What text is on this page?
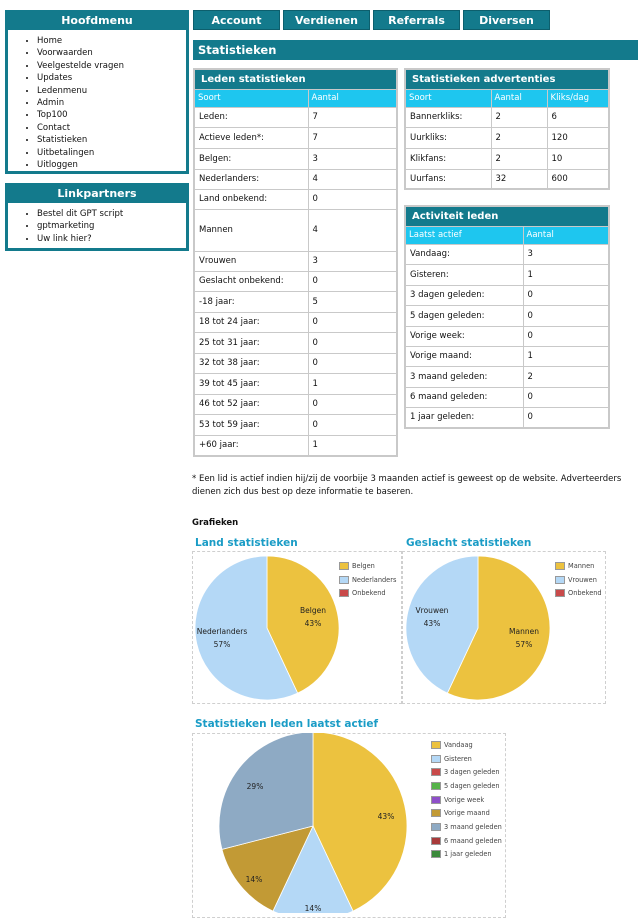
Hoofdmenu
• Home
• Voorwaarden
• Veelgestelde vragen
• Updates
• Ledenmenu
• Admin
• Top100
• Contact
• Statistieken
• Uitbetalingen
• Uitloggen
Linkpartners
• Bestel dit GPT script
• gptmarketing
• Uw link hier?
Account	Verdienen	Referrals	Diversen
Statistieken
Leden statistieken	
Soort	Aantal
Leden:	7
Actieve leden*:	7
Belgen:	3
Nederlanders:	4
Land onbekend:	0
Mannen	4
Vrouwen	3
Geslacht onbekend:	0
-18 jaar:	5
18 tot 24 jaar:	0
25 tot 31 jaar:	0
32 tot 38 jaar:	0
39 tot 45 jaar:	1
46 tot 52 jaar:	0
53 tot 59 jaar:	0
+60 jaar:	1
Statistieken advertenties		
Soort	Aantal	Kliks/dag
Bannerkliks:	2	6
Uurkliks:	2	120
Klikfans:	2	10
Uurfans:	32	600
Activiteit leden	
Laatst actief	Aantal
Vandaag:	3
Gisteren:	1
3 dagen geleden:	0
5 dagen geleden:	0
Vorige week:	0
Vorige maand:	1
3 maand geleden:	2
6 maand geleden:	0
1 jaar geleden:	0
* Een lid is actief indien hij/zij de voorbije 3 maanden actief is geweest op de website. Adverteerders dienen zich dus best op deze informatie te baseren.
Grafieken
Land statistieken
Belgen
43%
Nederlanders
57%
Belgen
Nederlanders
Onbekend
Geslacht statistieken
Mannen
57%
Vrouwen
43%
Mannen
Vrouwen
Onbekend
Statistieken leden laatst actief
43%
14%
14%
29%
Vandaag
Gisteren
3 dagen geleden
5 dagen geleden
Vorige week
Vorige maand
3 maand geleden
6 maand geleden
1 jaar geleden
